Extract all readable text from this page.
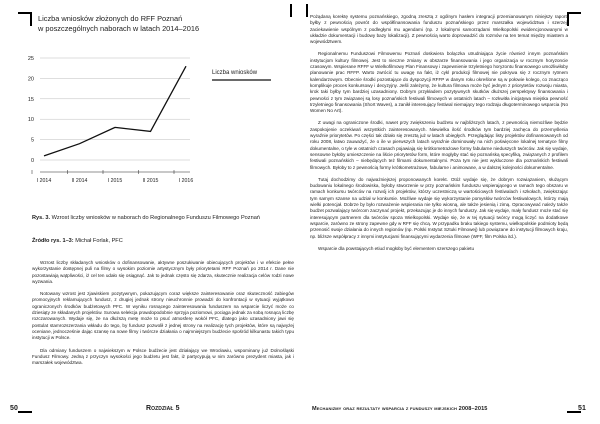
Liczba wniosków złożonych do RFF Poznań
w poszczególnych naborach w latach 2014–2016
0
5
10
15
20
25
I 2014	II 2014	I 2015	II 2015	I 2016
Liczba wniosków
Rys. 3. Wzrost liczby wniosków w naborach do Regionalnego Funduszu Filmowego Poznań
Źródło rys. 1–3: Michał Forlak, PFC

Wzrost liczby składanych wniosków o dofinansowanie, aktywne poszukiwanie obiecujących projektów i w efekcie pełne wykorzystanie dostępnej puli na filmy o wysokim poziomie artystycznym były priorytetami RFF Poznań po 2014 r. Dane nie pozostawiają wątpliwości, iż cel ten udało się osiągnąć. Jak to jednak często się zdarza, skutecznie realizacja celów rodzi nowe wyzwania.

Notowany wzrost jest zjawiskiem pozytywnym, pokazującym coraz większe zainteresowanie oraz skuteczność zabiegów promocyjnych reklamujących fundusz, z drugiej jednak strony nieuchronnie prowadzi do konfrontacji w sytuacji wyjątkowo ograniczonych środków budżetowych PFC. W wyniku rosnącego zainteresowania funduszem na wsparcie liczyć może co dziesiąty ze składanych projektów. Surowa selekcja prawdopodobnie sprzyja poziomowi, pociąga jednak za sobą rosnącą liczbę rozczarowanych. Wydaje się, że na dłuższą metę może to psuć atmosferę wokół PFC, dlatego jako uzasadniony jawi się postulat stamrozszerzania wkładu do tego, by fundusz pozwolił z jednej strony na realizację tych projektów, które są najwyżej oceniane, jednocześnie dając szansę na nowe filmy i twórcze działania o najmniejszym budżecie spośród kilkunastu takich typu instytucji w Polsce.

Dla odmiany funduszem o najwiekszym w Polsce budżecie jest działający we Wrocławiu, wspominany już Dolnośląski Fundusz Filmowy. Jedną z przyczyn wysokości jego budżetu jest fakt, iż partycypują w nim zarówno prezydent miasta, jak i marszałek województwa.

Pożądaną korektę systemu poznańskiego, zgodną zresztą z ogólnym hasłem integracji przemianowanym niniejszy raport, byłby z pewnością powrót do współfinansowania funduszu poznańskiego przez marszałka województwa i szerzej, zaciekawienie wspólnym z podległymi mu agendami (np. z lokalnymi samorządami Wielkopolski ewidencjonowanymi w układzie dokumentacji i budowy bazy lokalizacji). Z pewnością warto doprowadzić do rozmów na ten temat między miastem a województwem.

Regionalnemu Funduszowi Filmowemu Poznań doskwiera bolączka utrudniająca życie również innym poznańskim instytucjom kultury filmowej. Jest to nieczne zmiany w obszarze finansowania i jego organizacja w rocznym horyzoncie czasowym. Wspierane RFFF w Wielkofilmowy Plan Finansowy i zapewnienie trzyletniego horyzontu finansowego umożliwiłoby planowanie prac RFFP. Warto zwrócić tu uwagę na fakt, iż cykl produkcji filmowej nie pokrywa się z rocznym rytmem kalendarzowym. Obecnie środki pozostające do dyspozycji RFFP w danym roku określone są w połowie kolego, co znacząco komplikuje proces konkursowy i decyzyjny. Jeśli zależymy, że kultura filmowa może być jednym z priorytetów rozwoju miasta, krok taki byłby tym bardziej uzasadniony. Dobrym przykładem pozytywnych skutków dłuższej perspektywy finansowania i pewności z tym związanej są losy poznańskich festiwali filmowych w ostatnich latach – rozkwitła inicjatywa miejska pewność trzyletniego finansowania (Short Waves), a zanikł interesujący festiwal niemający tego rodzaju długoterminowego wsparcia (No Women No Art).

Z uwagi na ograniczone środki, nawet przy zwiększeniu budżetu w najbliższych latach, z pewnością niemożliwe będzie zaspokojenie oczekiwań wszystkich zainteresowanych. Niewielka ilość środków tym bardziej zachęca do przemyślenia wyraźnie priorytetów. Po części tak działo się zresztą już w latach ubiegłych. Przeglądając listy projektów dofinansowanych od roku 2008, łatwo zauważyć, że o ile w pierwszych latach wyraźnie dominowały na nich poświęcone lokalnej tematyce filmy dokumentalne, o tyle w ostatnich czasach pojawiają się krótkometrażowe formy fabularne nieduszych twórców. Jak się wydaje, sensowne byłoby umieszczenie na liście priorytetów form, które mogłyby stać się poznańską specyfiką, związanych z profilem festiwali poznańskich – niebędących też filmami dokumentalnymi. Poza tym nie jest wykluczone dla poznańskich festiwali filmowych. Byłoby to z pewnością formy krótkometrażowe, fabularne i animowane, a w dalszej kolejności dokumentalne.

Tutaj dochodzimy do najważniejszej proponowanych korekt. Otóż wydaje się, że dobrym rozwiązaniem, służącym budowaniu lokalnego środowiska, byłoby stworzenie w przy poznańskim funduszu wspierającego w ramach tego obszaru w ramach konkursu twórców na rozwój ich projektów, którzy uczestniczą w wartościowych festiwalach i szkołach, zwiększając tym samym szanse na udział w konkursie. Możliwe wydaje się wykorzystanie pomysłów twórców festiwalowych, którzy mają wielki potencjał. Dobrze by było rozważenie wspierania nie tylko wiosną, ale także jesienią i zimą. Opracowywać należy także budżet pozwalający twórcom zaczynać projekt, przekazując je do innych funduszy. Jak się wydaje, mały fundusz może stać się interesującym partnerem dla twórców spoza Wielkopolski. Wydaje się, że w tej sytuacji twórcy mogą liczyć na dodatkowe wsparcie, zarówno ze strony zapewne gdy w RFF się chcą. W przypadku braku takiego systemu, wielkopolskie podmioty będą przenosić swoje działania do innych regionów (np. Polski Instytut Sztuki Filmowej) lub powiązane do instytucji filmowych kraju, np. bliższe współpracy z innymi instytucjami finansującymi wydarzenia filmowe (WFF, film Polska itd.).

Wsparcie dla powstających etiud mogłoby być elementem szerszego pakietu

50	Rozdział 5	Mechanizmy oraz rezultaty wsparcia z funduszy miejskich 2008–2015	51
